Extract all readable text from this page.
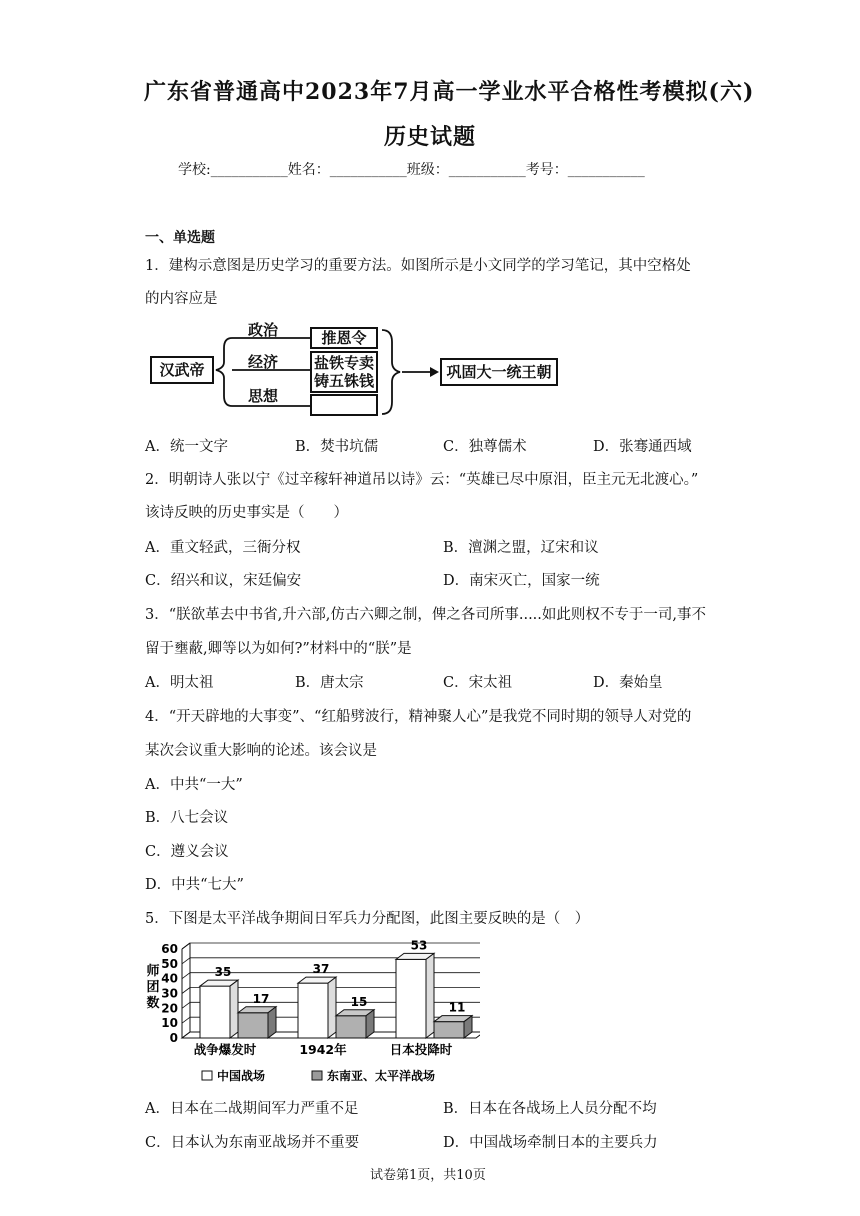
广东省普通高中2023年7月高一学业水平合格性考模拟(六)
历史试题
学校:___________姓名：___________班级：___________考号：___________
一、单选题
1．建构示意图是历史学习的重要方法。如图所示是小文同学的学习笔记，其中空格处
的内容应是
汉武帝
政治
经济
思想
推恩令
盐铁专卖
铸五铢钱	巩固大一统王朝
A．统一文字	B．焚书坑儒	C．独尊儒术	D．张骞通西域
2．明朝诗人张以宁《过辛稼轩神道吊以诗》云：“英雄已尽中原泪，臣主元无北渡心。”
该诗反映的历史事实是（　　）
A．重文轻武，三衙分权	B．澶渊之盟，辽宋和议
C．绍兴和议，宋廷偏安	D．南宋灭亡，国家一统
3．“朕欲革去中书省,升六部,仿古六卿之制，俾之各司所事.....如此则权不专于一司,事不
留于壅蔽,卿等以为如何?”材料中的“朕”是
A．明太祖	B．唐太宗	C．宋太祖	D．秦始皇
4．“开天辟地的大事变”、“红船劈波行，精神聚人心”是我党不同时期的领导人对党的
某次会议重大影响的论述。该会议是
A．中共“一大”
B．八七会议
C．遵义会议
D．中共“七大”
5．下图是太平洋战争期间日军兵力分配图，此图主要反映的是（　）
0
10
20
30
40
50
60
师
团
数
35
17
战争爆发时
37
15
1942年
53
11
日本投降时
中国战场	东南亚、太平洋战场
A．日本在二战期间军力严重不足	B．日本在各战场上人员分配不均
C．日本认为东南亚战场并不重要	D．中国战场牵制日本的主要兵力
试卷第1页，共10页
